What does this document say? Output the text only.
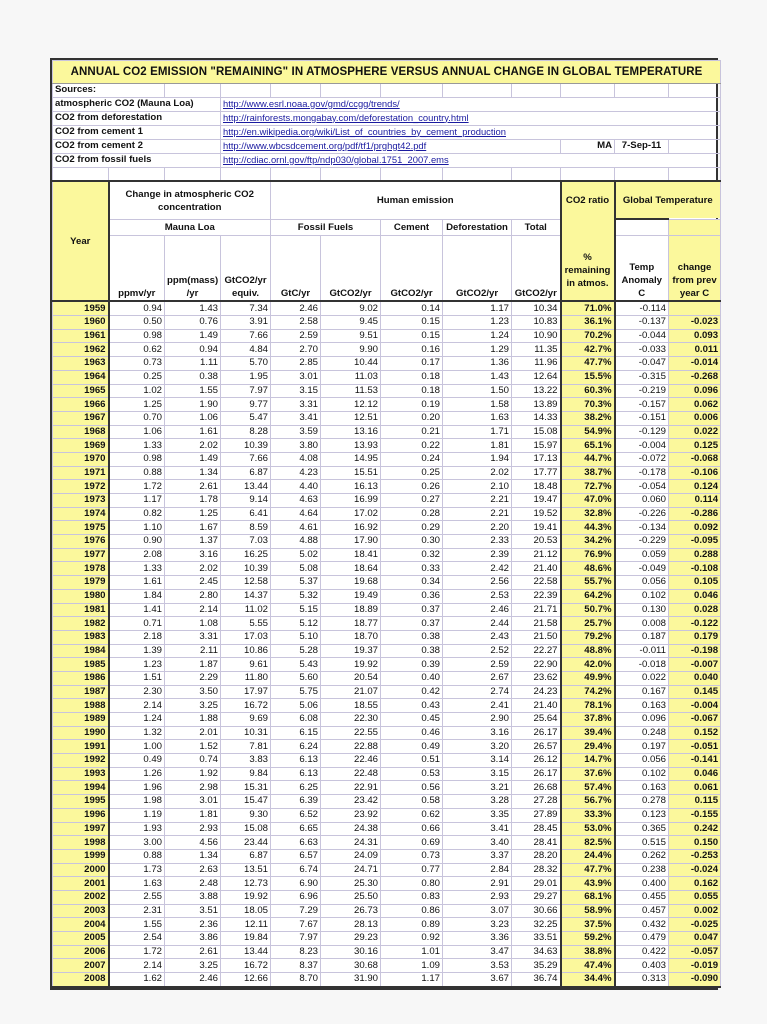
ANNUAL CO2 EMISSION "REMAINING" IN ATMOSPHERE VERSUS ANNUAL CHANGE IN GLOBAL TEMPERATURE											
Sources:											
atmospheric CO2 (Mauna Loa)			http://www.esrl.noaa.gov/gmd/ccgg/trends/								
CO2 from deforestation			http://rainforests.mongabay.com/deforestation_country.html								
CO2 from cement 1			http://en.wikipedia.org/wiki/List_of_countries_by_cement_production								
CO2 from cement 2			http://www.wbcsdcement.org/pdf/tf1/prghgt42.pdf						MA	7-Sep-11	
CO2 from fossil fuels			http://cdiac.ornl.gov/ftp/ndp030/global.1751_2007.ems								

Year	Change in atmospheric CO2 concentration			Human emission					CO2 ratio
% remaining in atmos.	Global Temperature	
	Mauna Loa			Fossil Fuels		Cement	Deforestation	Total			
	ppmv/yr	ppm(mass) /yr	GtCO2/yr equiv.	GtC/yr	GtCO2/yr	GtCO2/yr	GtCO2/yr	GtCO2/yr		Temp Anomaly C	change from prev year C
1959	0.94	1.43	7.34	2.46	9.02	0.14	1.17	10.34	71.0%	-0.114	
1960	0.50	0.76	3.91	2.58	9.45	0.15	1.23	10.83	36.1%	-0.137	-0.023
1961	0.98	1.49	7.66	2.59	9.51	0.15	1.24	10.90	70.2%	-0.044	0.093
1962	0.62	0.94	4.84	2.70	9.90	0.16	1.29	11.35	42.7%	-0.033	0.011
1963	0.73	1.11	5.70	2.85	10.44	0.17	1.36	11.96	47.7%	-0.047	-0.014
1964	0.25	0.38	1.95	3.01	11.03	0.18	1.43	12.64	15.5%	-0.315	-0.268
1965	1.02	1.55	7.97	3.15	11.53	0.18	1.50	13.22	60.3%	-0.219	0.096
1966	1.25	1.90	9.77	3.31	12.12	0.19	1.58	13.89	70.3%	-0.157	0.062
1967	0.70	1.06	5.47	3.41	12.51	0.20	1.63	14.33	38.2%	-0.151	0.006
1968	1.06	1.61	8.28	3.59	13.16	0.21	1.71	15.08	54.9%	-0.129	0.022
1969	1.33	2.02	10.39	3.80	13.93	0.22	1.81	15.97	65.1%	-0.004	0.125
1970	0.98	1.49	7.66	4.08	14.95	0.24	1.94	17.13	44.7%	-0.072	-0.068
1971	0.88	1.34	6.87	4.23	15.51	0.25	2.02	17.77	38.7%	-0.178	-0.106
1972	1.72	2.61	13.44	4.40	16.13	0.26	2.10	18.48	72.7%	-0.054	0.124
1973	1.17	1.78	9.14	4.63	16.99	0.27	2.21	19.47	47.0%	0.060	0.114
1974	0.82	1.25	6.41	4.64	17.02	0.28	2.21	19.52	32.8%	-0.226	-0.286
1975	1.10	1.67	8.59	4.61	16.92	0.29	2.20	19.41	44.3%	-0.134	0.092
1976	0.90	1.37	7.03	4.88	17.90	0.30	2.33	20.53	34.2%	-0.229	-0.095
1977	2.08	3.16	16.25	5.02	18.41	0.32	2.39	21.12	76.9%	0.059	0.288
1978	1.33	2.02	10.39	5.08	18.64	0.33	2.42	21.40	48.6%	-0.049	-0.108
1979	1.61	2.45	12.58	5.37	19.68	0.34	2.56	22.58	55.7%	0.056	0.105
1980	1.84	2.80	14.37	5.32	19.49	0.36	2.53	22.39	64.2%	0.102	0.046
1981	1.41	2.14	11.02	5.15	18.89	0.37	2.46	21.71	50.7%	0.130	0.028
1982	0.71	1.08	5.55	5.12	18.77	0.37	2.44	21.58	25.7%	0.008	-0.122
1983	2.18	3.31	17.03	5.10	18.70	0.38	2.43	21.50	79.2%	0.187	0.179
1984	1.39	2.11	10.86	5.28	19.37	0.38	2.52	22.27	48.8%	-0.011	-0.198
1985	1.23	1.87	9.61	5.43	19.92	0.39	2.59	22.90	42.0%	-0.018	-0.007
1986	1.51	2.29	11.80	5.60	20.54	0.40	2.67	23.62	49.9%	0.022	0.040
1987	2.30	3.50	17.97	5.75	21.07	0.42	2.74	24.23	74.2%	0.167	0.145
1988	2.14	3.25	16.72	5.06	18.55	0.43	2.41	21.40	78.1%	0.163	-0.004
1989	1.24	1.88	9.69	6.08	22.30	0.45	2.90	25.64	37.8%	0.096	-0.067
1990	1.32	2.01	10.31	6.15	22.55	0.46	3.16	26.17	39.4%	0.248	0.152
1991	1.00	1.52	7.81	6.24	22.88	0.49	3.20	26.57	29.4%	0.197	-0.051
1992	0.49	0.74	3.83	6.13	22.46	0.51	3.14	26.12	14.7%	0.056	-0.141
1993	1.26	1.92	9.84	6.13	22.48	0.53	3.15	26.17	37.6%	0.102	0.046
1994	1.96	2.98	15.31	6.25	22.91	0.56	3.21	26.68	57.4%	0.163	0.061
1995	1.98	3.01	15.47	6.39	23.42	0.58	3.28	27.28	56.7%	0.278	0.115
1996	1.19	1.81	9.30	6.52	23.92	0.62	3.35	27.89	33.3%	0.123	-0.155
1997	1.93	2.93	15.08	6.65	24.38	0.66	3.41	28.45	53.0%	0.365	0.242
1998	3.00	4.56	23.44	6.63	24.31	0.69	3.40	28.41	82.5%	0.515	0.150
1999	0.88	1.34	6.87	6.57	24.09	0.73	3.37	28.20	24.4%	0.262	-0.253
2000	1.73	2.63	13.51	6.74	24.71	0.77	2.84	28.32	47.7%	0.238	-0.024
2001	1.63	2.48	12.73	6.90	25.30	0.80	2.91	29.01	43.9%	0.400	0.162
2002	2.55	3.88	19.92	6.96	25.50	0.83	2.93	29.27	68.1%	0.455	0.055
2003	2.31	3.51	18.05	7.29	26.73	0.86	3.07	30.66	58.9%	0.457	0.002
2004	1.55	2.36	12.11	7.67	28.13	0.89	3.23	32.25	37.5%	0.432	-0.025
2005	2.54	3.86	19.84	7.97	29.23	0.92	3.36	33.51	59.2%	0.479	0.047
2006	1.72	2.61	13.44	8.23	30.16	1.01	3.47	34.63	38.8%	0.422	-0.057
2007	2.14	3.25	16.72	8.37	30.68	1.09	3.53	35.29	47.4%	0.403	-0.019
2008	1.62	2.46	12.66	8.70	31.90	1.17	3.67	36.74	34.4%	0.313	-0.090
